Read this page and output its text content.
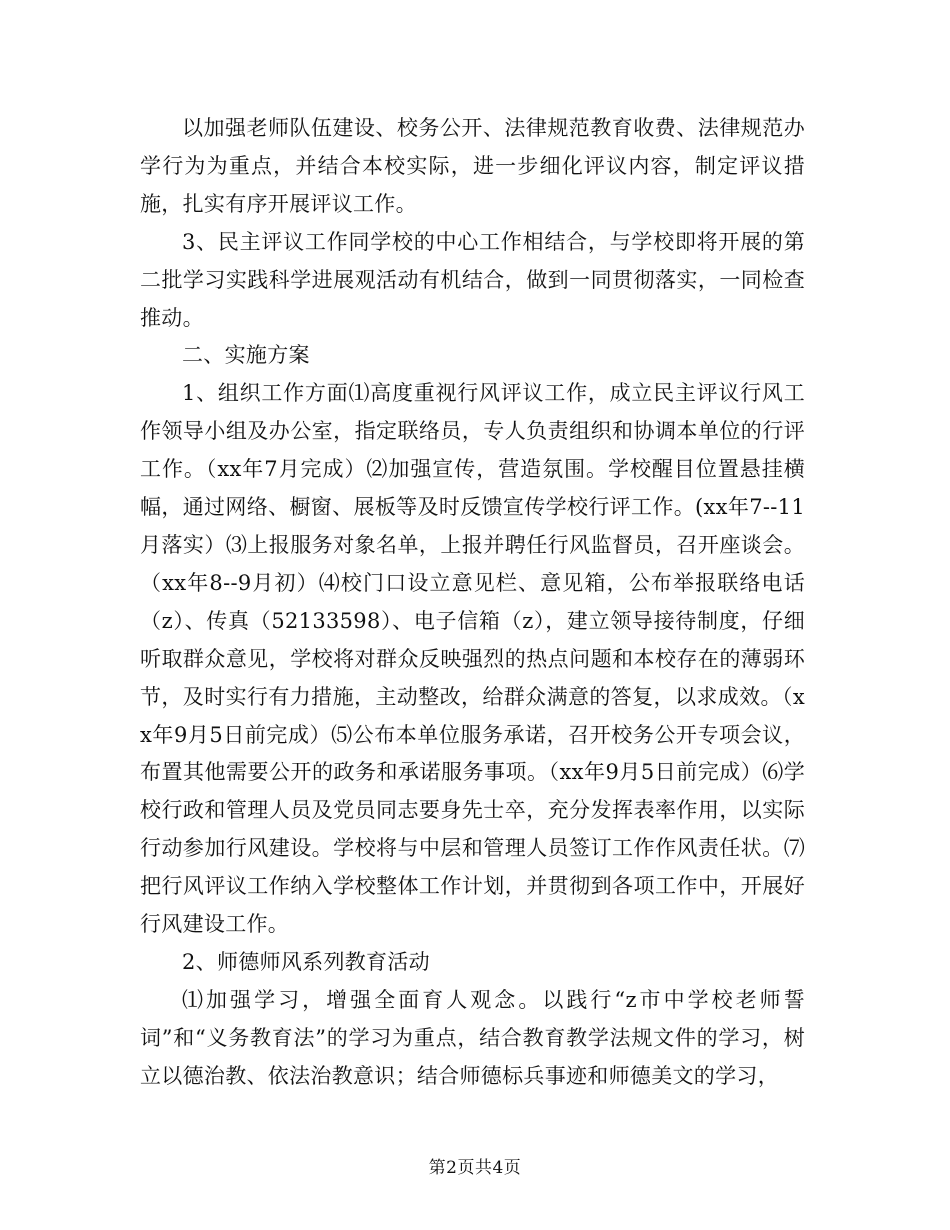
以加强老师队伍建设、校务公开、法律规范教育收费、法律规范办学行为为重点，并结合本校实际，进一步细化评议内容，制定评议措施，扎实有序开展评议工作。

3、民主评议工作同学校的中心工作相结合，与学校即将开展的第二批学习实践科学进展观活动有机结合，做到一同贯彻落实，一同检查推动。

二、实施方案

1、组织工作方面⑴高度重视行风评议工作，成立民主评议行风工作领导小组及办公室，指定联络员，专人负责组织和协调本单位的行评工作。（xx年7月完成）⑵加强宣传，营造氛围。学校醒目位置悬挂横幅，通过网络、橱窗、展板等及时反馈宣传学校行评工作。(xx年7--11月落实）⑶上报服务对象名单，上报并聘任行风监督员，召开座谈会。（xx年8--9月初）⑷校门口设立意见栏、意见箱，公布举报联络电话（z）、传真（52133598）、电子信箱（z），建立领导接待制度，仔细听取群众意见，学校将对群众反映强烈的热点问题和本校存在的薄弱环节，及时实行有力措施，主动整改，给群众满意的答复，以求成效。（xx年9月5日前完成）⑸公布本单位服务承诺，召开校务公开专项会议，布置其他需要公开的政务和承诺服务事项。（xx年9月5日前完成）⑹学校行政和管理人员及党员同志要身先士卒，充分发挥表率作用，以实际行动参加行风建设。学校将与中层和管理人员签订工作作风责任状。⑺把行风评议工作纳入学校整体工作计划，并贯彻到各项工作中，开展好行风建设工作。

2、师德师风系列教育活动

⑴加强学习，增强全面育人观念。以践行“z市中学校老师誓词”和“义务教育法”的学习为重点，结合教育教学法规文件的学习，树立以德治教、依法治教意识；结合师德标兵事迹和师德美文的学习，

第2页共4页
